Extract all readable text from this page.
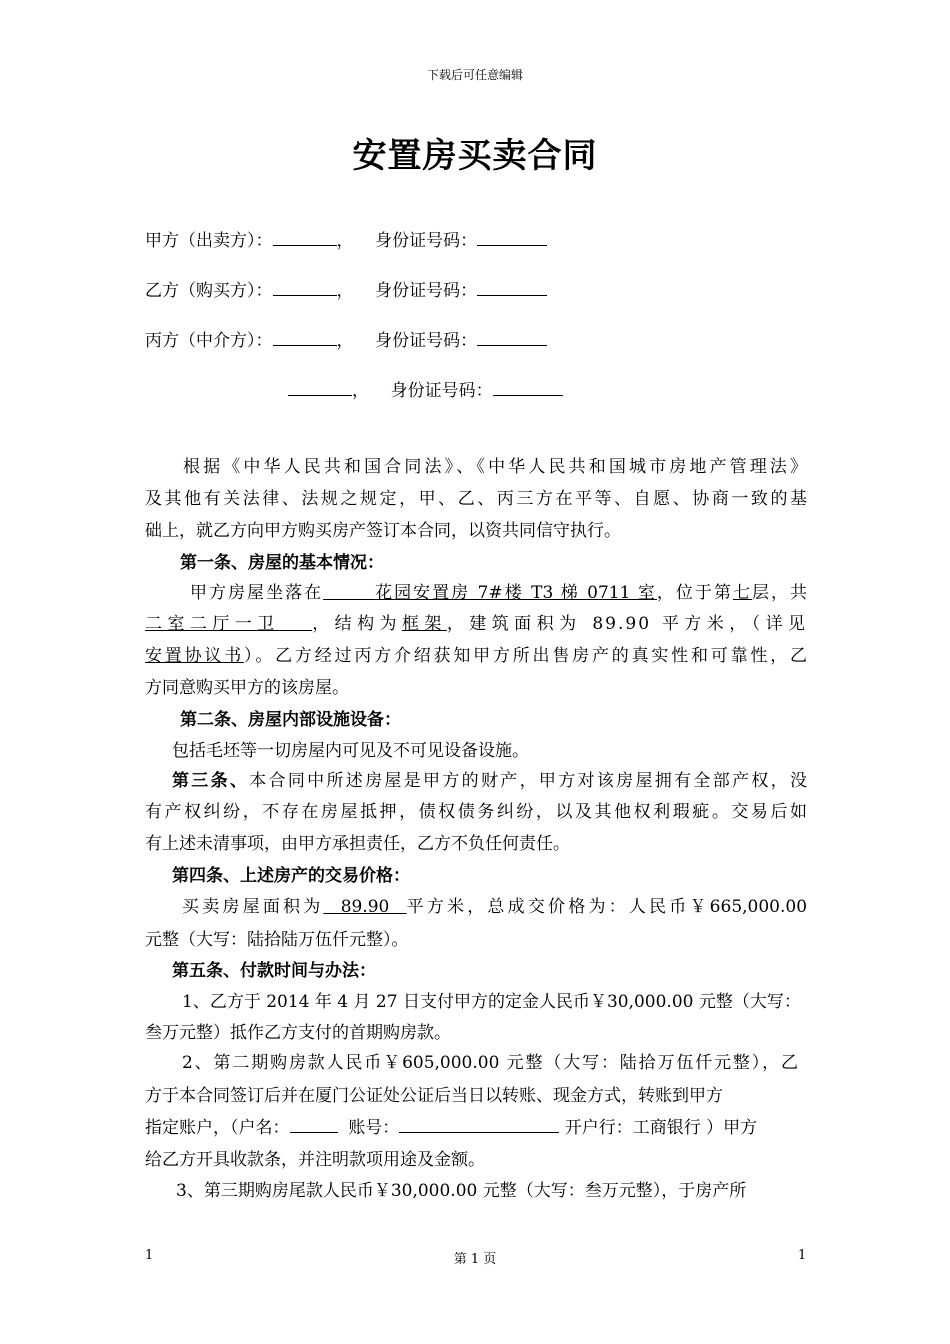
下载后可任意编辑
安置房买卖合同
甲方（出卖方）：	， 身份证号码：
乙方（购买方）：	， 身份证号码：
丙方（中介方）：	， 身份证号码：
， 身份证号码：
根据《中华人民共和国合同法》、《中华人民共和国城市房地产管理法》
及其他有关法律、法规之规定，甲、乙、丙三方在平等、自愿、协商一致的基
础上，就乙方向甲方购买房产签订本合同，以资共同信守执行。
第一条、房屋的基本情况：
甲方房屋坐落在	花园安置房 7#楼 T3 梯 0711 室，位于第七层，共
二室二厅一卫 ，结构为框架，建筑面积为 89.90 平方米，（详见
安置协议书）。乙方经过丙方介绍获知甲方所出售房产的真实性和可靠性，乙
方同意购买甲方的该房屋。
第二条、房屋内部设施设备：
包括毛坯等一切房屋内可见及不可见设备设施。
第三条、本合同中所述房屋是甲方的财产，甲方对该房屋拥有全部产权，没
有产权纠纷，不存在房屋抵押，债权债务纠纷，以及其他权利瑕疵。交易后如
有上述未清事项，由甲方承担责任，乙方不负任何责任。
第四条、上述房产的交易价格：
买卖房屋面积为 89.90 平方米，总成交价格为：人民币￥665,000.00
元整（大写：陆拾陆万伍仟元整）。
第五条、付款时间与办法：
1、乙方于 2014 年 4 月 27 日支付甲方的定金人民币￥30,000.00 元整（大写：
叁万元整）抵作乙方支付的首期购房款。
2、第二期购房款人民币￥605,000.00 元整（大写：陆拾万伍仟元整），乙
方于本合同签订后并在厦门公证处公证后当日以转账、现金方式，转账到甲方
指定账户，（户名：	账号：	开户行：工商银行 ）甲方
给乙方开具收款条，并注明款项用途及金额。
3、第三期购房尾款人民币￥30,000.00 元整（大写：叁万元整），于房产所
1	第 1 页	1
